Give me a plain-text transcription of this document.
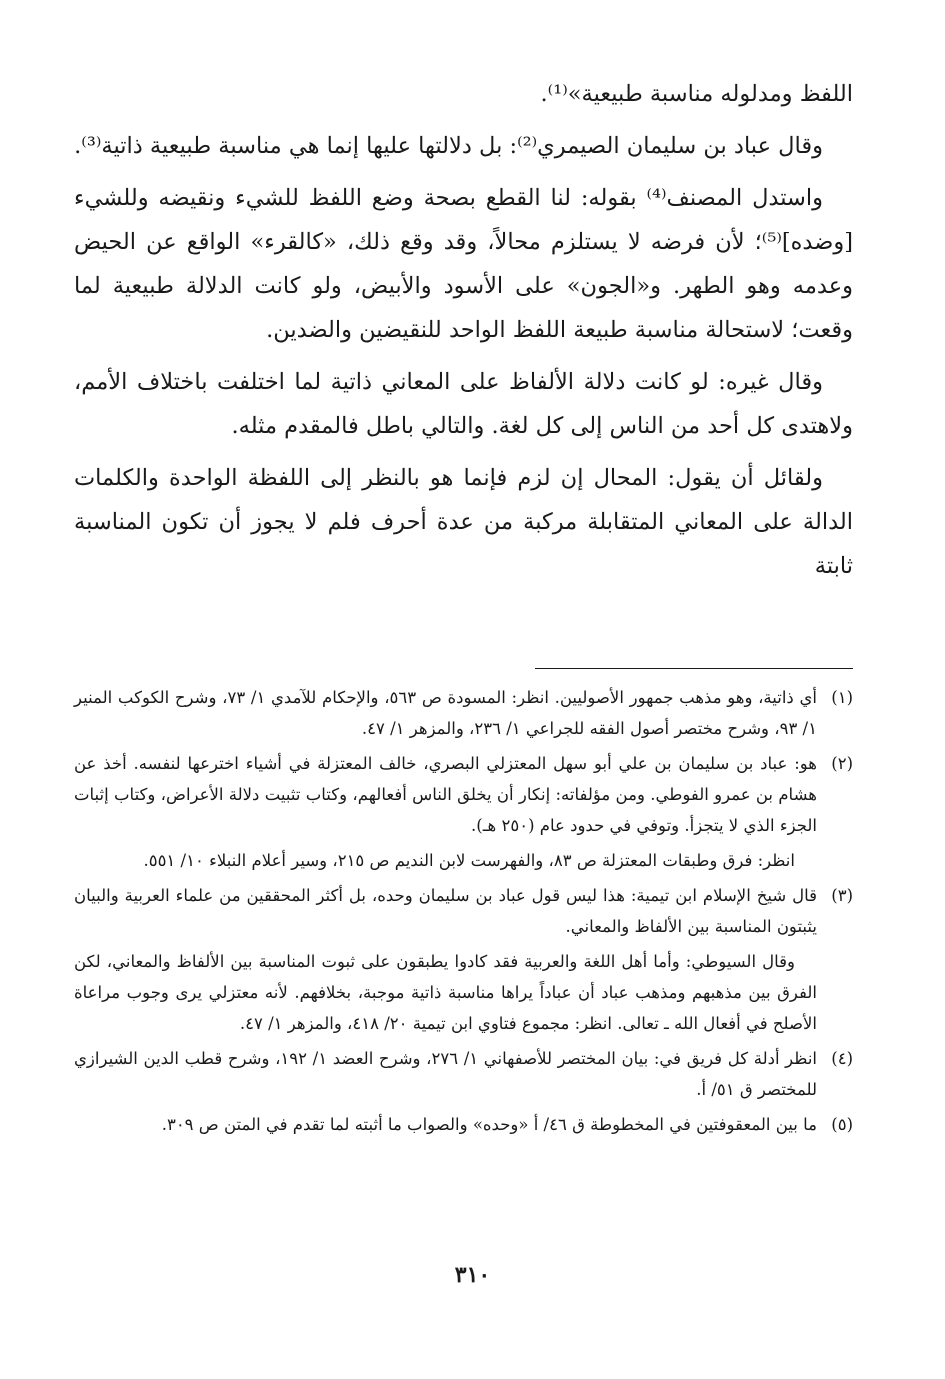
اللفظ ومدلوله مناسبة طبيعية»⁽¹⁾.

وقال عباد بن سليمان الصيمري⁽²⁾: بل دلالتها عليها إنما هي مناسبة طبيعية ذاتية⁽³⁾.

واستدل المصنف⁽⁴⁾ بقوله: لنا القطع بصحة وضع اللفظ للشيء ونقيضه وللشيء [وضده]⁽⁵⁾؛ لأن فرضه لا يستلزم محالاً، وقد وقع ذلك، «كالقرء» الواقع عن الحيض وعدمه وهو الطهر. و«الجون» على الأسود والأبيض، ولو كانت الدلالة طبيعية لما وقعت؛ لاستحالة مناسبة طبيعة اللفظ الواحد للنقيضين والضدين.

وقال غيره: لو كانت دلالة الألفاظ على المعاني ذاتية لما اختلفت باختلاف الأمم، ولاهتدى كل أحد من الناس إلى كل لغة. والتالي باطل فالمقدم مثله.

ولقائل أن يقول: المحال إن لزم فإنما هو بالنظر إلى اللفظة الواحدة والكلمات الدالة على المعاني المتقابلة مركبة من عدة أحرف فلم لا يجوز أن تكون المناسبة ثابتة

(١)

أي ذاتية، وهو مذهب جمهور الأصوليين. انظر: المسودة ص ٥٦٣، والإحكام للآمدي ١/ ٧٣، وشرح الكوكب المنير ١/ ٩٣، وشرح مختصر أصول الفقه للجراعي ١/ ٢٣٦، والمزهر ١/ ٤٧.

(٢)

هو: عباد بن سليمان بن علي أبو سهل المعتزلي البصري، خالف المعتزلة في أشياء اخترعها لنفسه. أخذ عن هشام بن عمرو الفوطي. ومن مؤلفاته: إنكار أن يخلق الناس أفعالهم، وكتاب تثبيت دلالة الأعراض، وكتاب إثبات الجزء الذي لا يتجزأ. وتوفي في حدود عام (٢٥٠ هـ).

انظر: فرق وطبقات المعتزلة ص ٨٣، والفهرست لابن النديم ص ٢١٥، وسير أعلام النبلاء ١٠/ ٥٥١.

(٣)

قال شيخ الإسلام ابن تيمية: هذا ليس قول عباد بن سليمان وحده، بل أكثر المحققين من علماء العربية والبيان يثبتون المناسبة بين الألفاظ والمعاني.

وقال السيوطي: وأما أهل اللغة والعربية فقد كادوا يطبقون على ثبوت المناسبة بين الألفاظ والمعاني، لكن الفرق بين مذهبهم ومذهب عباد أن عباداً يراها مناسبة ذاتية موجبة، بخلافهم. لأنه معتزلي يرى وجوب مراعاة الأصلح في أفعال الله ـ تعالى. انظر: مجموع فتاوي ابن تيمية ٢٠/ ٤١٨، والمزهر ١/ ٤٧.

(٤)

انظر أدلة كل فريق في: بيان المختصر للأصفهاني ١/ ٢٧٦، وشرح العضد ١/ ١٩٢، وشرح قطب الدين الشيرازي للمختصر ق ٥١/ أ.

(٥)

ما بين المعقوفتين في المخطوطة ق ٤٦/ أ «وحده» والصواب ما أثبته لما تقدم في المتن ص ٣٠٩.

٣١٠
